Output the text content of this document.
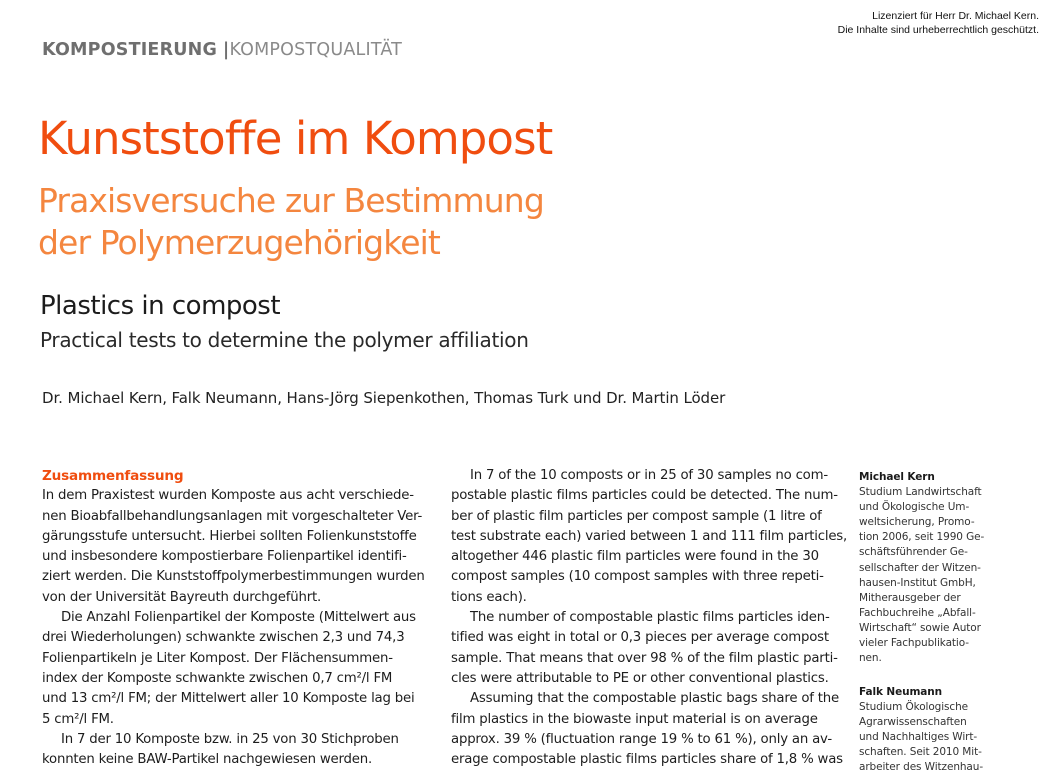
Lizenziert für Herr Dr. Michael Kern.
Die Inhalte sind urheberrechtlich geschützt.
KOMPOSTIERUNG |KOMPOSTQUALITÄT
Kunststoffe im Kompost
Praxisversuche zur Bestimmung
der Polymerzugehörigkeit
Plastics in compost
Practical tests to determine the polymer affiliation
Dr. Michael Kern, Falk Neumann, Hans-Jörg Siepenkothen, Thomas Turk und Dr. Martin Löder

Zusammenfassung

In dem Praxistest wurden Komposte aus acht verschiede-

nen Bioabfallbehandlungsanlagen mit vorgeschalteter Ver-

gärungsstufe untersucht. Hierbei sollten Folienkunststoffe

und insbesondere kompostierbare Folienpartikel identifi-

ziert werden. Die Kunststoffpolymerbestimmungen wurden

von der Universität Bayreuth durchgeführt.

Die Anzahl Folienpartikel der Komposte (Mittelwert aus

drei Wiederholungen) schwankte zwischen 2,3 und 74,3

Folienpartikeln je Liter Kompost. Der Flächensummen-

index der Komposte schwankte zwischen 0,7 cm²/l FM

und 13 cm²/l FM; der Mittelwert aller 10 Komposte lag bei

5 cm²/l FM.

In 7 der 10 Komposte bzw. in 25 von 30 Stichproben

konnten keine BAW-Partikel nachgewiesen werden.

In 7 of the 10 composts or in 25 of 30 samples no com-

postable plastic films particles could be detected. The num-

ber of plastic film particles per compost sample (1 litre of

test substrate each) varied between 1 and 111 film particles,

altogether 446 plastic film particles were found in the 30

compost samples (10 compost samples with three repeti-

tions each).

The number of compostable plastic films particles iden-

tified was eight in total or 0,3 pieces per average compost

sample. That means that over 98 % of the film plastic parti-

cles were attributable to PE or other conventional plastics.

Assuming that the compostable plastic bags share of the

film plastics in the biowaste input material is on average

approx. 39 % (fluctuation range 19 % to 61 %), only an av-

erage compostable plastic films particles share of 1,8 % was

Michael Kern
Studium Landwirtschaft
und Ökologische Um-
weltsicherung, Promo-
tion 2006, seit 1990 Ge-
schäftsführender Ge-
sellschafter der Witzen-
hausen-Institut GmbH,
Mitherausgeber der
Fachbuchreihe „Abfall-
Wirtschaft“ sowie Autor
vieler Fachpublikatio-
nen.
Falk Neumann
Studium Ökologische
Agrarwissenschaften
und Nachhaltiges Wirt-
schaften. Seit 2010 Mit-
arbeiter des Witzenhau-
